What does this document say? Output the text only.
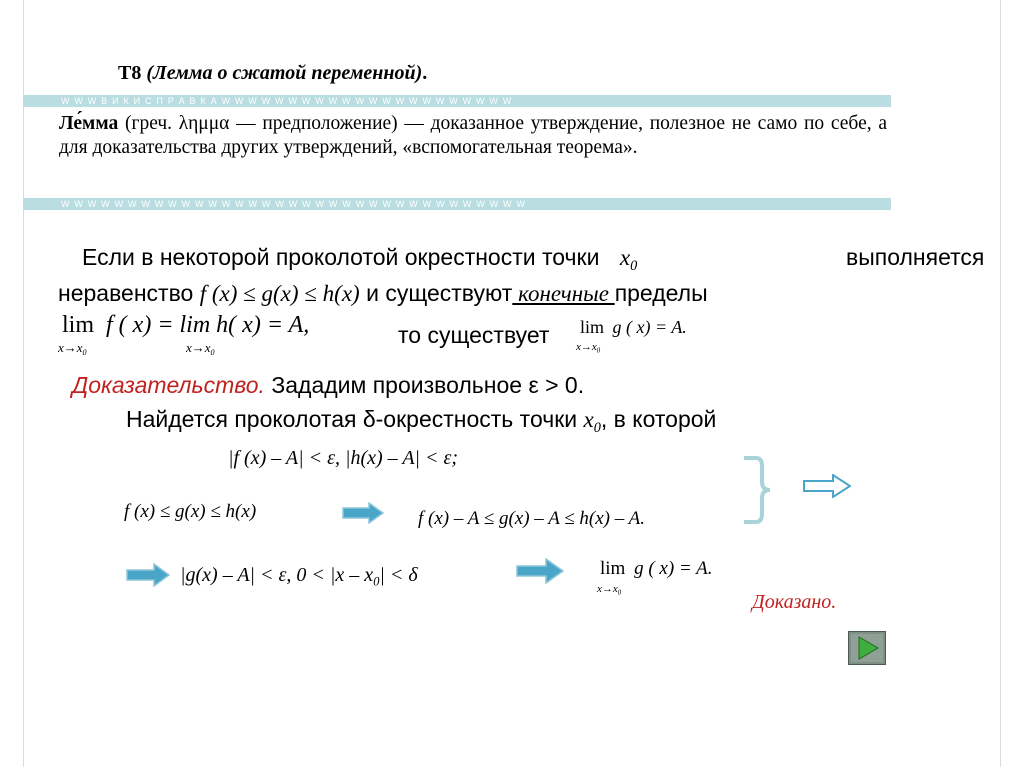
T8 (Лемма о сжатой переменной).
W W W В И К И С П Р А В К А W W W W W W W W W W W W W W W W W W W W W W
Ле́мма (греч. λημμα — предположение) — доказанное утверждение, полезное не само по себе, а для доказательства других утверждений, «вспомогательная теорема».
W W W W W W W W W W W W W W W W W W W W W W W W W W W W W W W W W W W
Если в некоторой проколотой окрестности точки $x_0$	выполняется
неравенство f (x) ≤ g(x) ≤ h(x) и существуют конечные пределы
lim f ( x) = lim h( x) = A,
$x\to x_0$	$x\to x_0$
то существует lim g ( x) = A.
$x\to x_0$
Доказательство. Зададим произвольное ε > 0.
Найдется проколотая δ-окрестность точки $x_0$, в которой
|f (x) – A| < ε, |h(x) – A| < ε;
f (x) ≤ g(x) ≤ h(x)	f (x) – A ≤ g(x) – A ≤ h(x) – A.
|g(x) – A| < ε, $0 < |x - x_0| < \delta$	lim g ( x) = A.
$x\to x_0$	Доказано.
